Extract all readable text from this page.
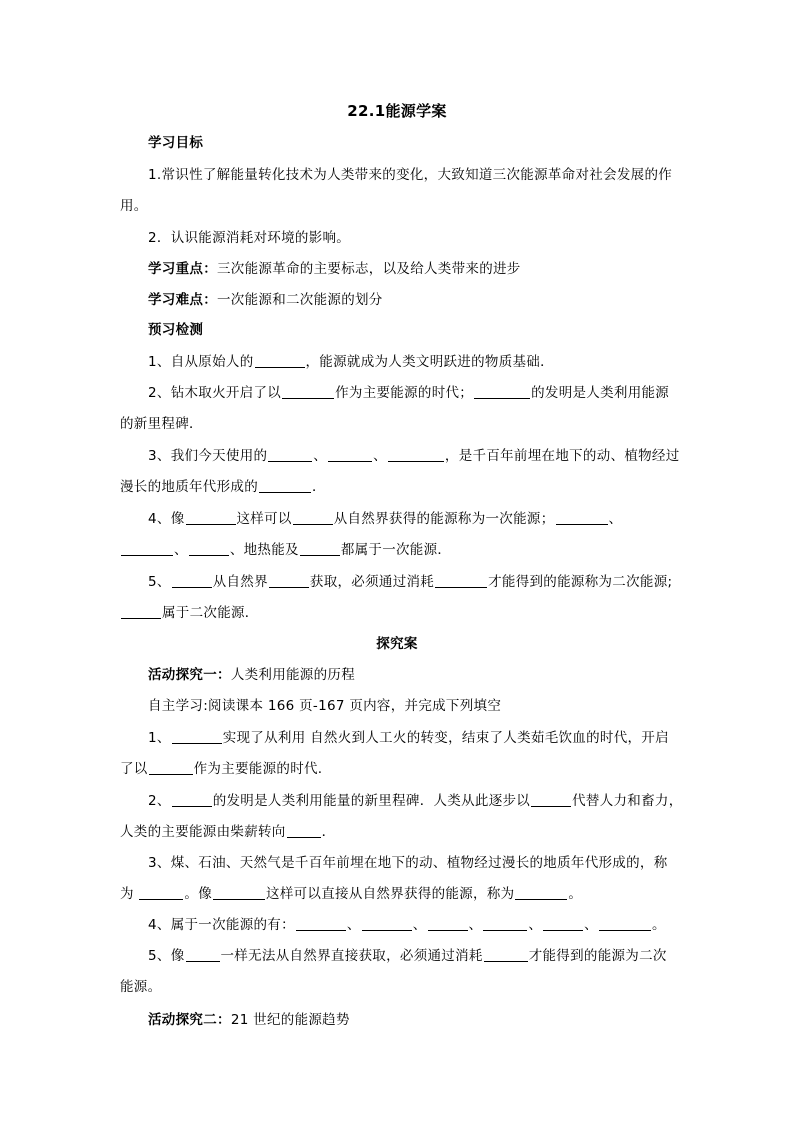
22.1能源学案

学习目标

1.常识性了解能量转化技术为人类带来的变化，大致知道三次能源革命对社会发展的作

用。

2．认识能源消耗对环境的影响。

学习重点：三次能源革命的主要标志，以及给人类带来的进步

学习难点：一次能源和二次能源的划分

预习检测

1、自从原始人的	，能源就成为人类文明跃进的物质基础．

2、钻木取火开启了以	作为主要能源的时代；	的发明是人类利用能源

的新里程碑．

3、我们今天使用的	、	、	，是千百年前埋在地下的动、植物经过

漫长的地质年代形成的	．

4、像	这样可以	从自然界获得的能源称为一次能源；	、

、	、地热能及	都属于一次能源．

5、	从自然界	获取，必须通过消耗	才能得到的能源称为二次能源;

属于二次能源．

探究案

活动探究一：人类利用能源的历程

自主学习:阅读课本 166 页-167 页内容，并完成下列填空

1、	实现了从利用 自然火到人工火的转变，结束了人类茹毛饮血的时代，开启

了以	作为主要能源的时代.

2、	的发明是人类利用能量的新里程碑．人类从此逐步以	代替人力和畜力，

人类的主要能源由柴薪转向	．

3、煤、石油、天然气是千百年前埋在地下的动、植物经过漫长的地质年代形成的，称

为	。像	这样可以直接从自然界获得的能源，称为	。

4、属于一次能源的有：	、	、	、	、	、	。

5、像	一样无法从自然界直接获取，必须通过消耗	才能得到的能源为二次

能源。

活动探究二：21 世纪的能源趋势
